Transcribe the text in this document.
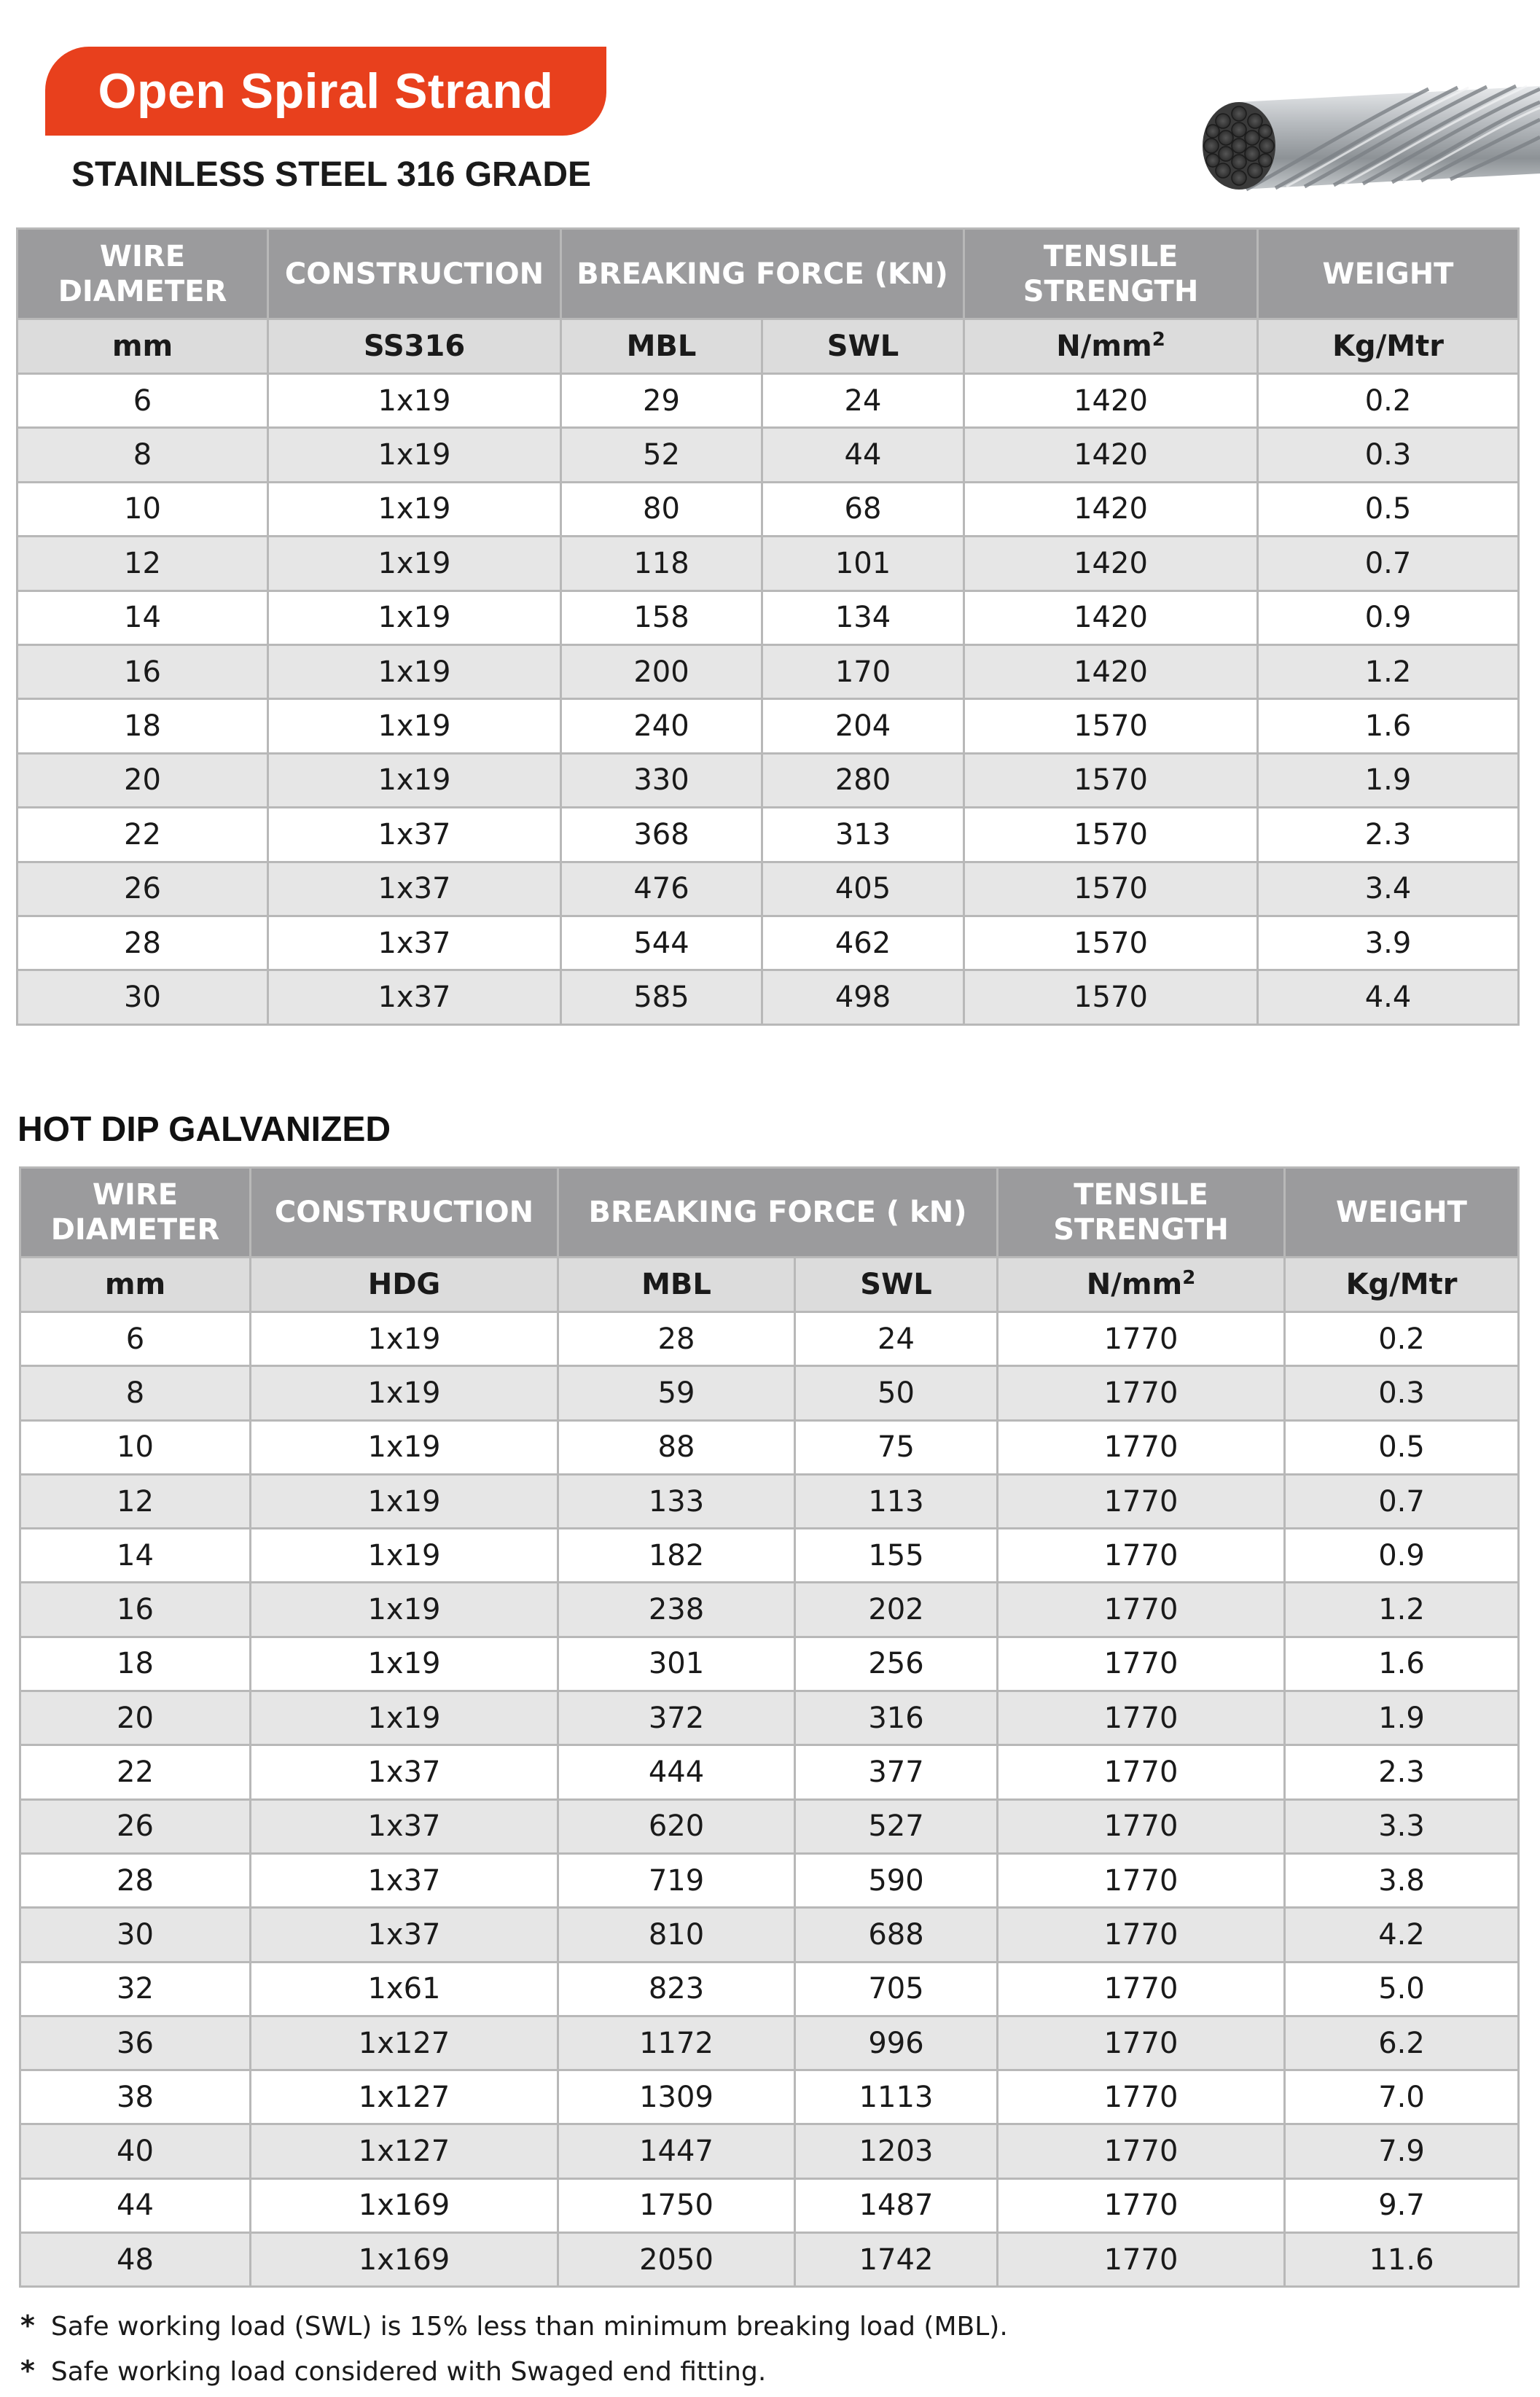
Open Spiral Strand
STAINLESS STEEL 316 GRADE
WIRE DIAMETER	CONSTRUCTION	BREAKING FORCE (KN)		TENSILE STRENGTH	WEIGHT
mm	SS316	MBL	SWL	$N/mm^2$	Kg/Mtr
6	1x19	29	24	1420	0.2
8	1x19	52	44	1420	0.3
10	1x19	80	68	1420	0.5
12	1x19	118	101	1420	0.7
14	1x19	158	134	1420	0.9
16	1x19	200	170	1420	1.2
18	1x19	240	204	1570	1.6
20	1x19	330	280	1570	1.9
22	1x37	368	313	1570	2.3
26	1x37	476	405	1570	3.4
28	1x37	544	462	1570	3.9
30	1x37	585	498	1570	4.4
HOT DIP GALVANIZED
WIRE DIAMETER	CONSTRUCTION	BREAKING FORCE ( kN)		TENSILE STRENGTH	WEIGHT
mm	HDG	MBL	SWL	$N/mm^2$	Kg/Mtr
6	1x19	28	24	1770	0.2
8	1x19	59	50	1770	0.3
10	1x19	88	75	1770	0.5
12	1x19	133	113	1770	0.7
14	1x19	182	155	1770	0.9
16	1x19	238	202	1770	1.2
18	1x19	301	256	1770	1.6
20	1x19	372	316	1770	1.9
22	1x37	444	377	1770	2.3
26	1x37	620	527	1770	3.3
28	1x37	719	590	1770	3.8
30	1x37	810	688	1770	4.2
32	1x61	823	705	1770	5.0
36	1x127	1172	996	1770	6.2
38	1x127	1309	1113	1770	7.0
40	1x127	1447	1203	1770	7.9
44	1x169	1750	1487	1770	9.7
48	1x169	2050	1742	1770	11.6
* Safe working load (SWL) is 15% less than minimum breaking load (MBL).
* Safe working load considered with Swaged end fitting.
